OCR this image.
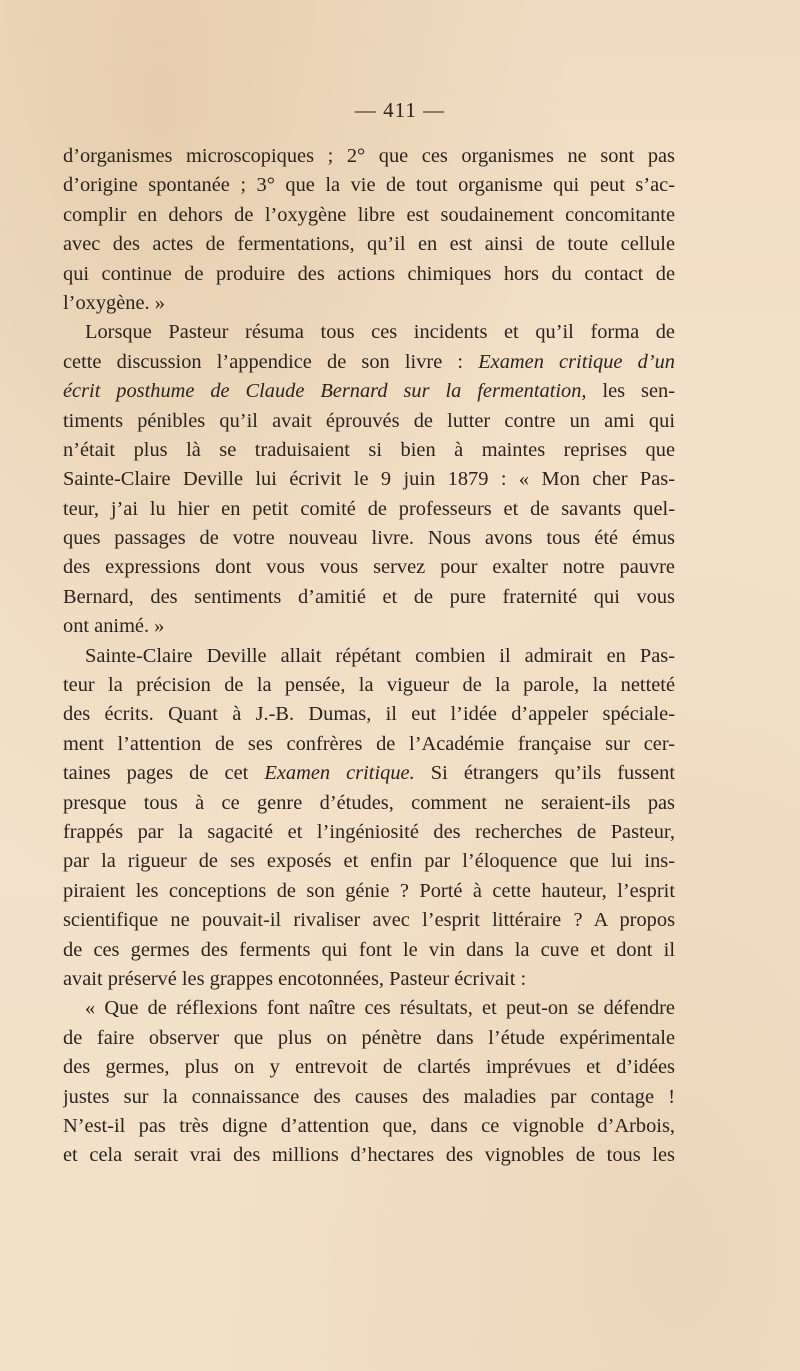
— 411 —
d’organismes microscopiques ; 2° que ces organismes ne sont pas
d’origine spontanée ; 3° que la vie de tout organisme qui peut s’ac-
complir en dehors de l’oxygène libre est soudainement concomitante
avec des actes de fermentations, qu’il en est ainsi de toute cellule
qui continue de produire des actions chimiques hors du contact de
l’oxygène. »
Lorsque Pasteur résuma tous ces incidents et qu’il forma de
cette discussion l’appendice de son livre : Examen critique d’un
écrit posthume de Claude Bernard sur la fermentation, les sen-
timents pénibles qu’il avait éprouvés de lutter contre un ami qui
n’était plus là se traduisaient si bien à maintes reprises que
Sainte-Claire Deville lui écrivit le 9 juin 1879 : « Mon cher Pas-
teur, j’ai lu hier en petit comité de professeurs et de savants quel-
ques passages de votre nouveau livre. Nous avons tous été émus
des expressions dont vous vous servez pour exalter notre pauvre
Bernard, des sentiments d’amitié et de pure fraternité qui vous
ont animé. »
Sainte-Claire Deville allait répétant combien il admirait en Pas-
teur la précision de la pensée, la vigueur de la parole, la netteté
des écrits. Quant à J.-B. Dumas, il eut l’idée d’appeler spéciale-
ment l’attention de ses confrères de l’Académie française sur cer-
taines pages de cet Examen critique. Si étrangers qu’ils fussent
presque tous à ce genre d’études, comment ne seraient-ils pas
frappés par la sagacité et l’ingéniosité des recherches de Pasteur,
par la rigueur de ses exposés et enfin par l’éloquence que lui ins-
piraient les conceptions de son génie ? Porté à cette hauteur, l’esprit
scientifique ne pouvait-il rivaliser avec l’esprit littéraire ? A propos
de ces germes des ferments qui font le vin dans la cuve et dont il
avait préservé les grappes encotonnées, Pasteur écrivait :
« Que de réflexions font naître ces résultats, et peut-on se défendre
de faire observer que plus on pénètre dans l’étude expérimentale
des germes, plus on y entrevoit de clartés imprévues et d’idées
justes sur la connaissance des causes des maladies par contage !
N’est-il pas très digne d’attention que, dans ce vignoble d’Arbois,
et cela serait vrai des millions d’hectares des vignobles de tous les
